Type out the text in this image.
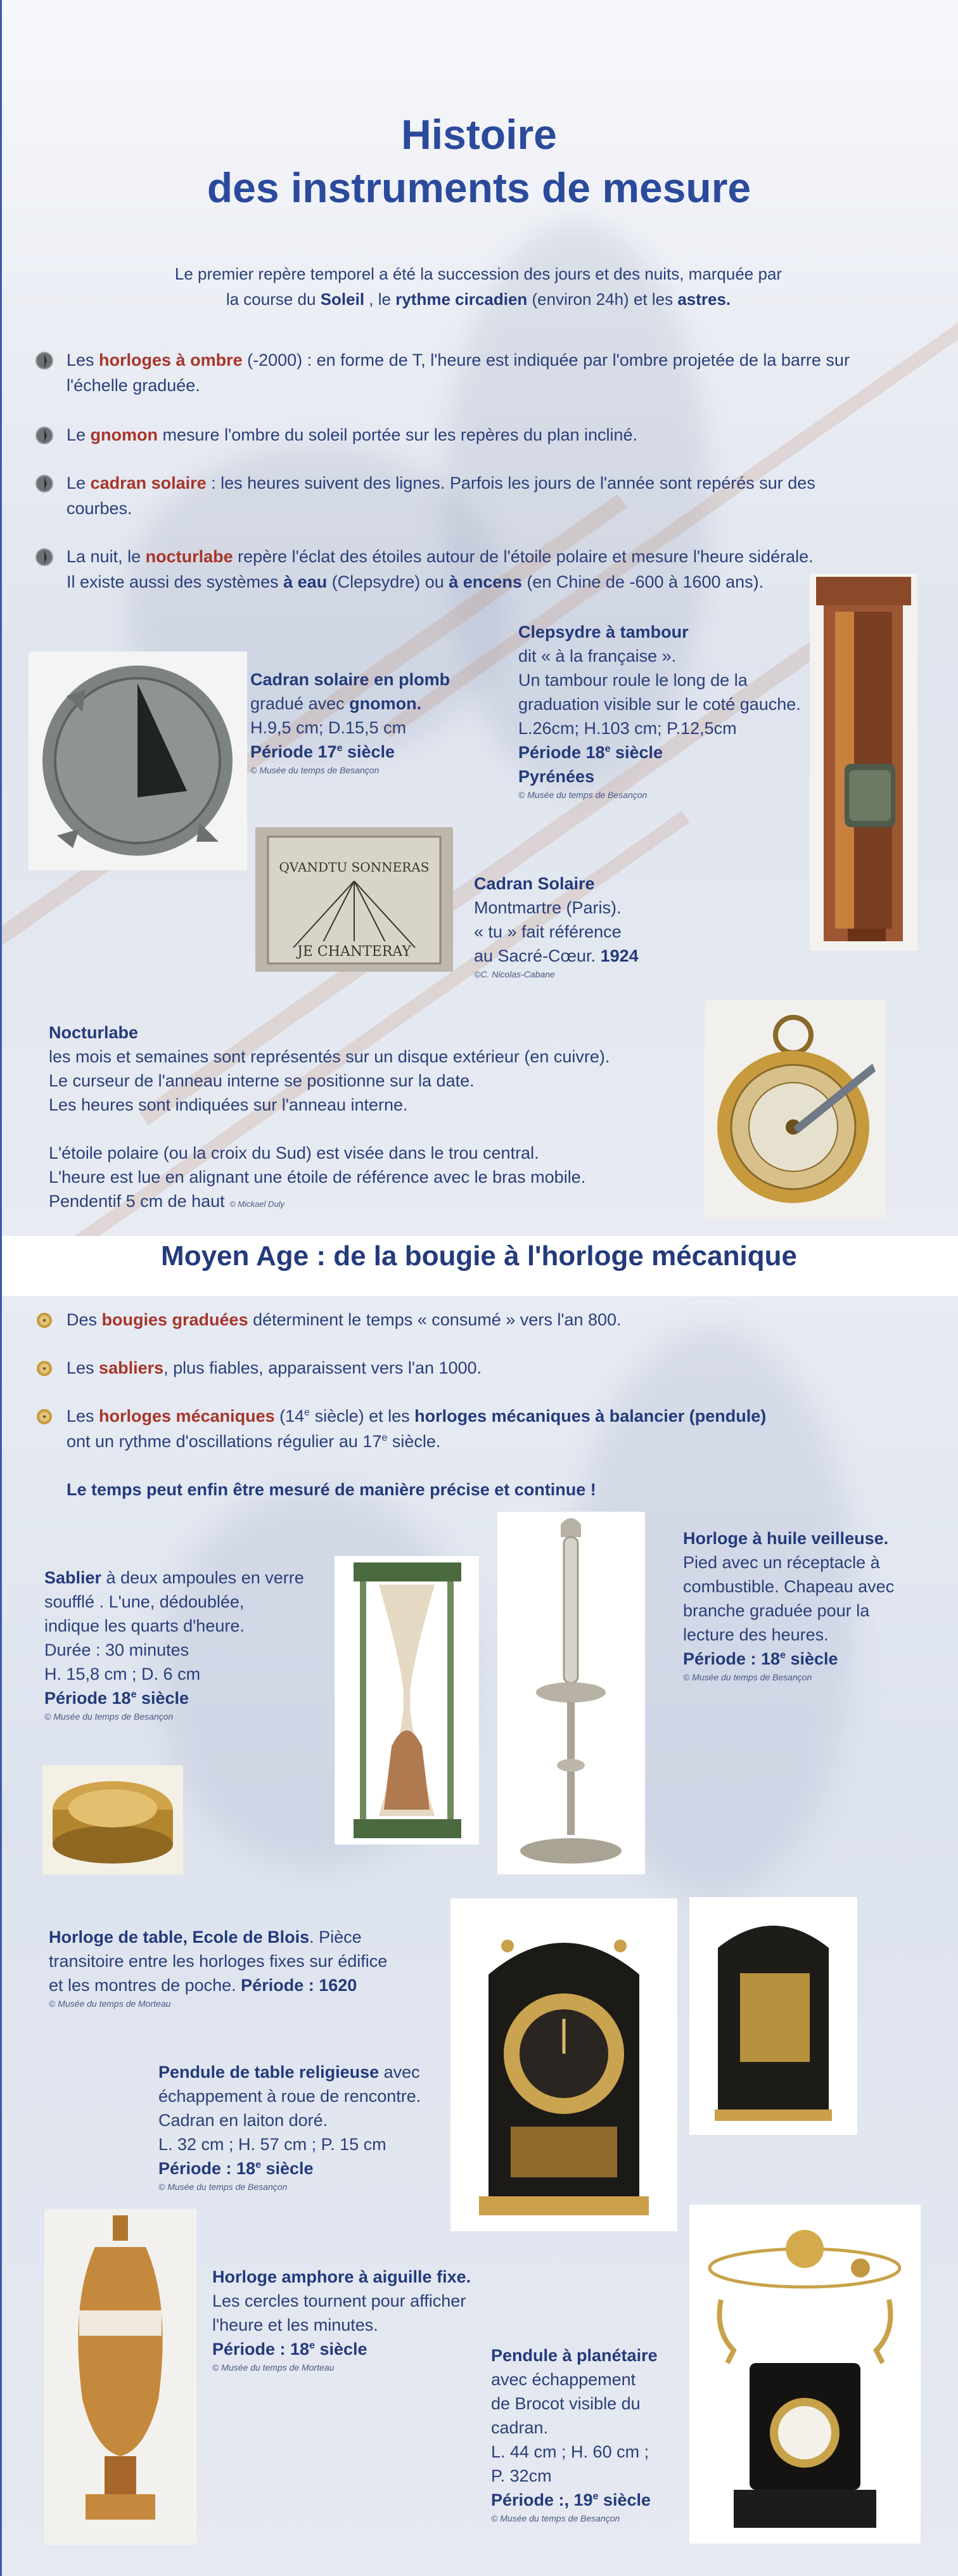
Histoire
des instruments de mesure
Le premier repère temporel a été la succession des jours et des nuits, marquée par
la course du Soleil , le rythme circadien (environ 24h) et les astres.
Les horloges à ombre (-2000) : en forme de T, l'heure est indiquée par l'ombre projetée de la barre sur
l'échelle graduée.
Le gnomon mesure l'ombre du soleil portée sur les repères du plan incliné.
Le cadran solaire : les heures suivent des lignes. Parfois les jours de l'année sont repérés sur des
courbes.
La nuit, le nocturlabe repère l'éclat des étoiles autour de l'étoile polaire et mesure l'heure sidérale.
Il existe aussi des systèmes à eau (Clepsydre) ou à encens (en Chine de -600 à 1600 ans).
Clepsydre à tambour
dit « à la française ».
Un tambour roule le long de la
graduation visible sur le coté gauche.
L.26cm; H.103 cm; P.12,5cm
Période 18e siècle
Pyrénées
© Musée du temps de Besançon
Cadran solaire en plomb
gradué avec gnomon.
H.9,5 cm; D.15,5 cm
Période 17e siècle
© Musée du temps de Besançon
QVANDTU SONNERAS
JE CHANTERAY
Cadran Solaire
Montmartre (Paris).
« tu » fait référence
au Sacré-Cœur. 1924
©C. Nicolas-Cabane
Nocturlabe
les mois et semaines sont représentés sur un disque extérieur (en cuivre).
Le curseur de l'anneau interne se positionne sur la date.
Les heures sont indiquées sur l'anneau interne.

L'étoile polaire (ou la croix du Sud) est visée dans le trou central.
L'heure est lue en alignant une étoile de référence avec le bras mobile.
Pendentif 5 cm de haut © Mickael Duly
Moyen Age : de la bougie à l'horloge mécanique
Des bougies graduées déterminent le temps « consumé » vers l'an 800.
Les sabliers, plus fiables, apparaissent vers l'an 1000.
Les horloges mécaniques (14e siècle) et les horloges mécaniques à balancier (pendule)
ont un rythme d'oscillations régulier au 17e siècle.
Le temps peut enfin être mesuré de manière précise et continue !
Sablier à deux ampoules en verre
soufflé . L'une, dédoublée,
indique les quarts d'heure.
Durée : 30 minutes
H. 15,8 cm ; D. 6 cm
Période 18e siècle
© Musée du temps de Besançon
Horloge à huile veilleuse.
Pied avec un réceptacle à
combustible. Chapeau avec
branche graduée pour la
lecture des heures.
Période : 18e siècle
© Musée du temps de Besançon
Horloge de table, Ecole de Blois. Pièce
transitoire entre les horloges fixes sur édifice
et les montres de poche. Période : 1620
© Musée du temps de Morteau
Pendule de table religieuse avec
échappement à roue de rencontre.
Cadran en laiton doré.
L. 32 cm ; H. 57 cm ; P. 15 cm
Période : 18e siècle
© Musée du temps de Besançon
Horloge amphore à aiguille fixe.
Les cercles tournent pour afficher
l'heure et les minutes.
Période : 18e siècle
© Musée du temps de Morteau
Pendule à planétaire
avec échappement
de Brocot visible du
cadran.
L. 44 cm ; H. 60 cm ;
P. 32cm
Période :, 19e siècle
© Musée du temps de Besançon
